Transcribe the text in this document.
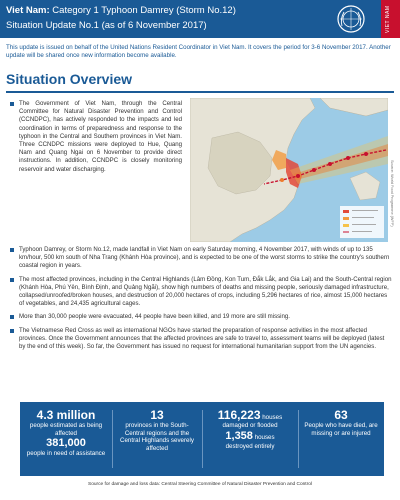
Viet Nam: Category 1 Typhoon Damrey (Storm No.12)
Situation Update No.1 (as of 6 November 2017)	VIET NAM
This update is issued on behalf of the United Nations Resident Coordinator in Viet Nam. It covers the period for 3-6 November 2017. Another update will be shared once new information become available.
Situation Overview
The Government of Viet Nam, through the Central Committee for Natural Disaster Prevention and Control (CCNDPC), has actively responded to the impacts and led coordination in terms of preparedness and response to the typhoon in the Central and Southern provinces in Viet Nam. Three CCNDPC missions were deployed to Hue, Quang Nam and Quang Ngai on 6 November to provide direct instructions. In addition, CCNDPC is closely monitoring reservoir and water discharging.	Source: World Food Programme (WFP)
Typhoon Damrey, or Storm No.12, made landfall in Viet Nam on early Saturday morning, 4 November 2017, with winds of up to 135 km/hour, 500 km south of Nha Trang (Khánh Hòa province), and is expected to be one of the worst storms to strike the country's southern coastal region in years.
The most affected provinces, including in the Central Highlands (Lâm Đồng, Kon Tum, Đắk Lắk, and Gia Lai) and the South-Central region (Khánh Hòa, Phú Yên, Bình Định, and Quảng Ngãi), show high numbers of deaths and missing people, seriously damaged infrastructure, collapsed/unroofed/broken houses, and destruction of 20,000 hectares of crops, including 5,296 hectares of rice, almost 15,000 hectares of vegetables, and 24,435 agricultural cages.
More than 30,000 people were evacuated, 44 people have been killed, and 19 more are still missing.
The Vietnamese Red Cross as well as international NGOs have started the preparation of response activities in the most affected provinces. Once the Government announces that the affected provinces are safe to travel to, assessment teams will be deployed (latest by the end of this week). So far, the Government has issued no request for international humanitarian support from the UN agencies.
4.3 million
people estimated as being affected
381,000
people in need of assistance
13
provinces in the South-Central regions and the Central Highlands severely affected
116,223 houses
damaged or flooded
1,358 houses
destroyed entirely
63
People who have died, are missing or are injured
Source for damage and loss data: Central Steering Committee of Natural Disaster Prevention and Control
